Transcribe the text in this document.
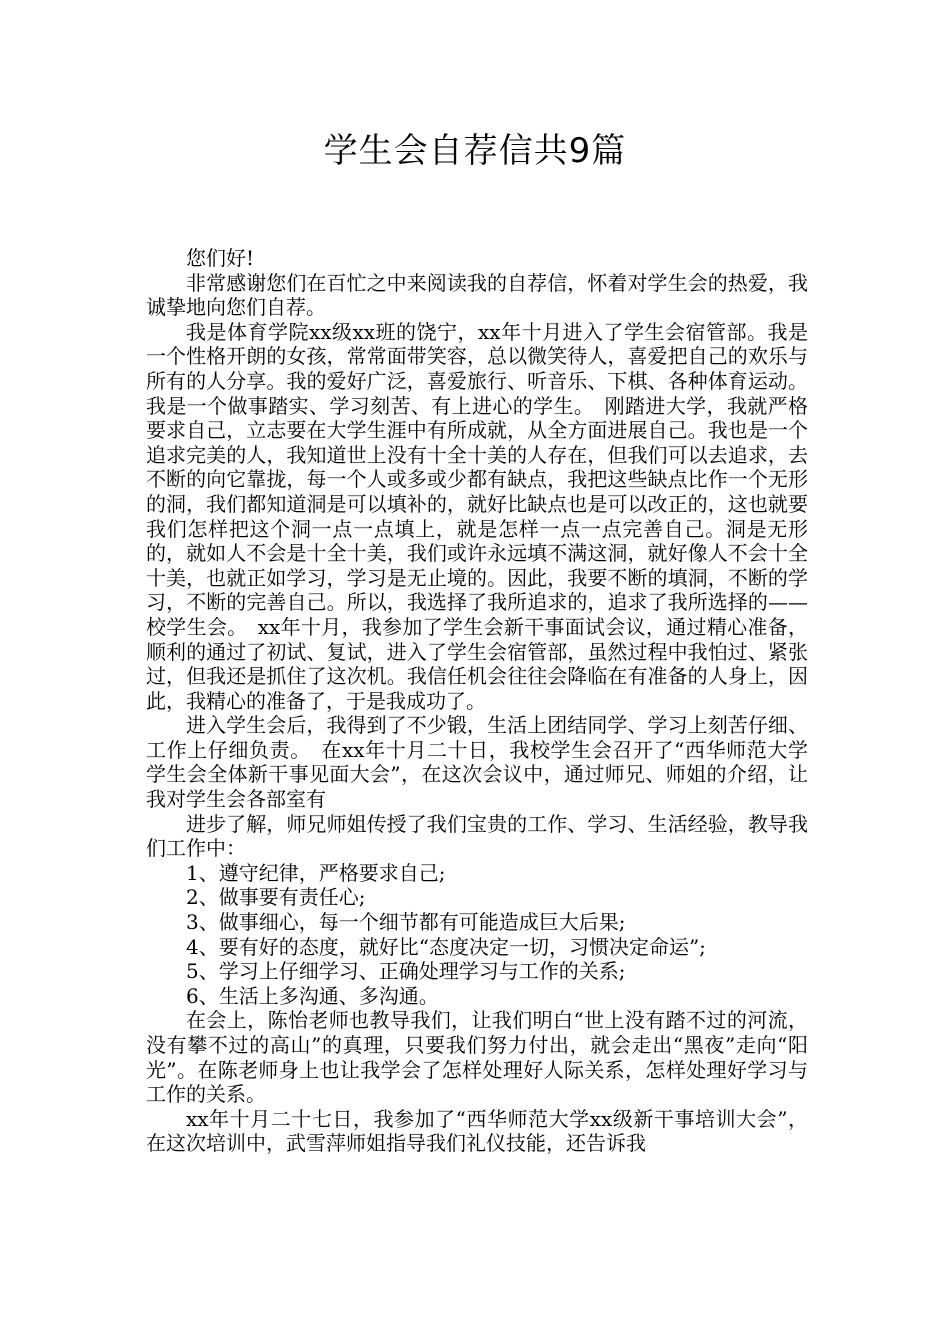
学生会自荐信共9篇

您们好!

非常感谢您们在百忙之中来阅读我的自荐信，怀着对学生会的热爱，我诚挚地向您们自荐。

我是体育学院xx级xx班的饶宁，xx年十月进入了学生会宿管部。我是一个性格开朗的女孩，常常面带笑容，总以微笑待人，喜爱把自己的欢乐与所有的人分享。我的爱好广泛，喜爱旅行、听音乐、下棋、各种体育运动。我是一个做事踏实、学习刻苦、有上进心的学生。　刚踏进大学，我就严格要求自己，立志要在大学生涯中有所成就，从全方面进展自己。我也是一个追求完美的人，我知道世上没有十全十美的人存在，但我们可以去追求，去不断的向它靠拢，每一个人或多或少都有缺点，我把这些缺点比作一个无形的洞，我们都知道洞是可以填补的，就好比缺点也是可以改正的，这也就要我们怎样把这个洞一点一点填上，就是怎样一点一点完善自己。洞是无形的，就如人不会是十全十美，我们或许永远填不满这洞，就好像人不会十全十美，也就正如学习，学习是无止境的。因此，我要不断的填洞，不断的学习，不断的完善自己。所以，我选择了我所追求的，追求了我所选择的——校学生会。　xx年十月，我参加了学生会新干事面试会议，通过精心准备，顺利的通过了初试、复试，进入了学生会宿管部，虽然过程中我怕过、紧张过，但我还是抓住了这次机。我信任机会往往会降临在有准备的人身上，因此，我精心的准备了，于是我成功了。

进入学生会后，我得到了不少锻，生活上团结同学、学习上刻苦仔细、工作上仔细负责。　在xx年十月二十日，我校学生会召开了“西华师范大学学生会全体新干事见面大会”，在这次会议中，通过师兄、师姐的介绍，让我对学生会各部室有

进步了解，师兄师姐传授了我们宝贵的工作、学习、生活经验，教导我们工作中：

1、遵守纪律，严格要求自己;

2、做事要有责任心;

3、做事细心，每一个细节都有可能造成巨大后果;

4、要有好的态度，就好比“态度决定一切，习惯决定命运”;

5、学习上仔细学习、正确处理学习与工作的关系;

6、生活上多沟通、多沟通。

在会上，陈怡老师也教导我们，让我们明白“世上没有踏不过的河流，没有攀不过的高山”的真理，只要我们努力付出，就会走出“黑夜”走向“阳光”。在陈老师身上也让我学会了怎样处理好人际关系，怎样处理好学习与工作的关系。

xx年十月二十七日，我参加了“西华师范大学xx级新干事培训大会”，在这次培训中，武雪萍师姐指导我们礼仪技能，还告诉我
